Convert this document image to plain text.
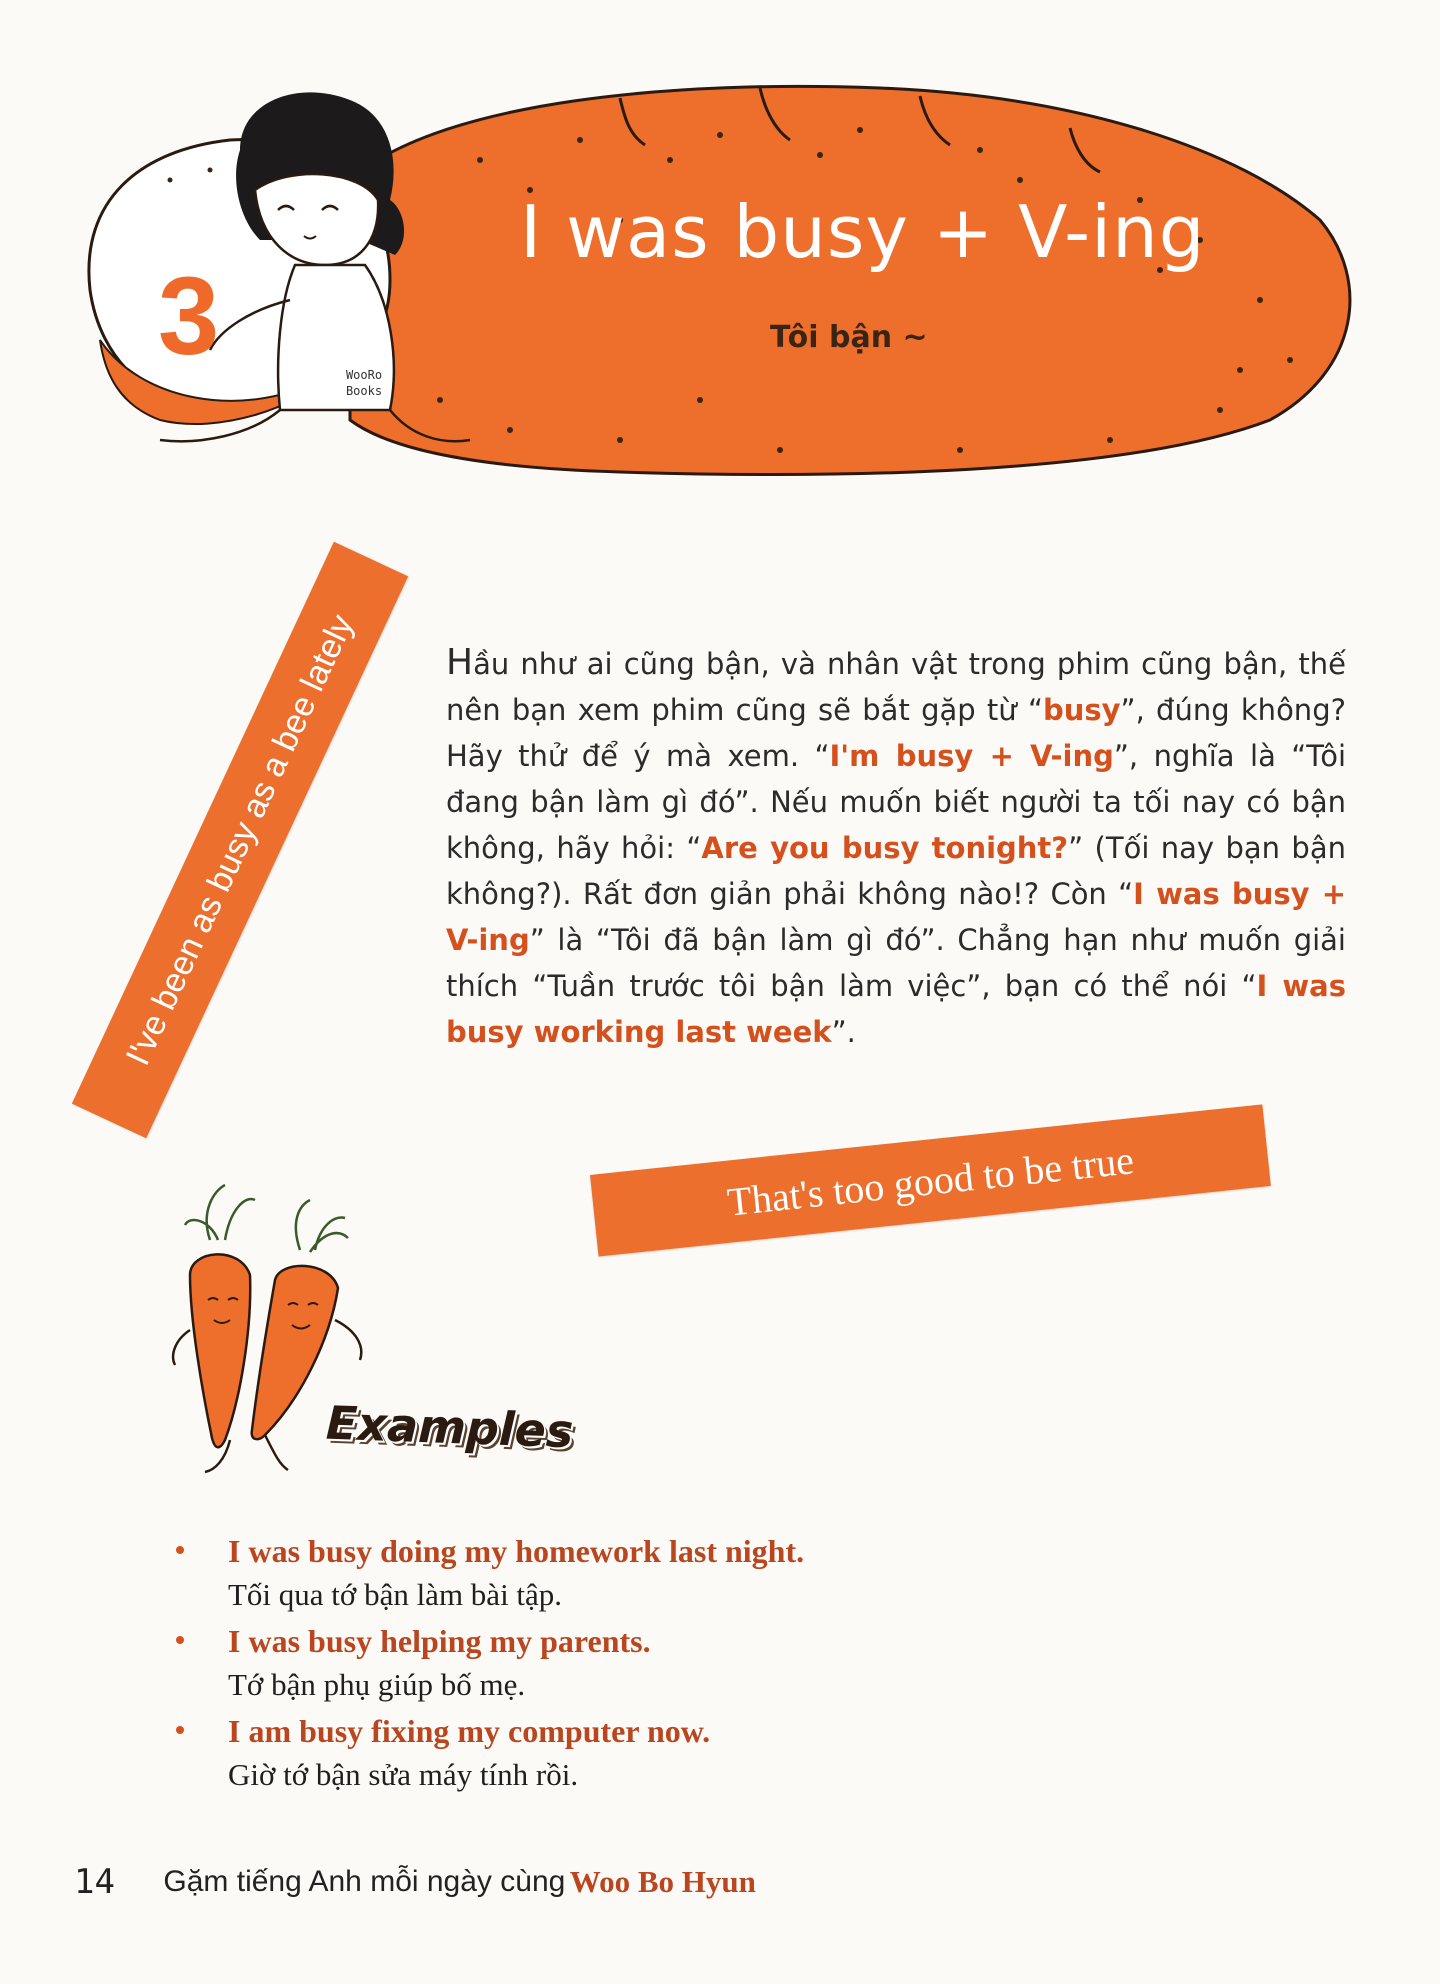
3
I was busy + V-ing
Tôi bận ~
WooRo Books
I've been as busy as a bee lately Hầu như ai cũng bận, và nhân vật trong phim cũng bận, thế nên bạn xem phim cũng sẽ bắt gặp từ “busy”, đúng không? Hãy thử để ý mà xem. “I'm busy + V-ing”, nghĩa là “Tôi đang bận làm gì đó”. Nếu muốn biết người ta tối nay có bận không, hãy hỏi: “Are you busy tonight?” (Tối nay bạn bận không?). Rất đơn giản phải không nào!? Còn “I was busy + V-ing” là “Tôi đã bận làm gì đó”. Chẳng hạn như muốn giải thích “Tuần trước tôi bận làm việc”, bạn có thể nói “I was busy working last week”.
That's too good to be true
Examples
I was busy doing my homework last night.
Tối qua tớ bận làm bài tập.
I was busy helping my parents.
Tớ bận phụ giúp bố mẹ.
I am busy fixing my computer now.
Giờ tớ bận sửa máy tính rồi.
14 Gặm tiếng Anh mỗi ngày cùng Woo Bo Hyun
